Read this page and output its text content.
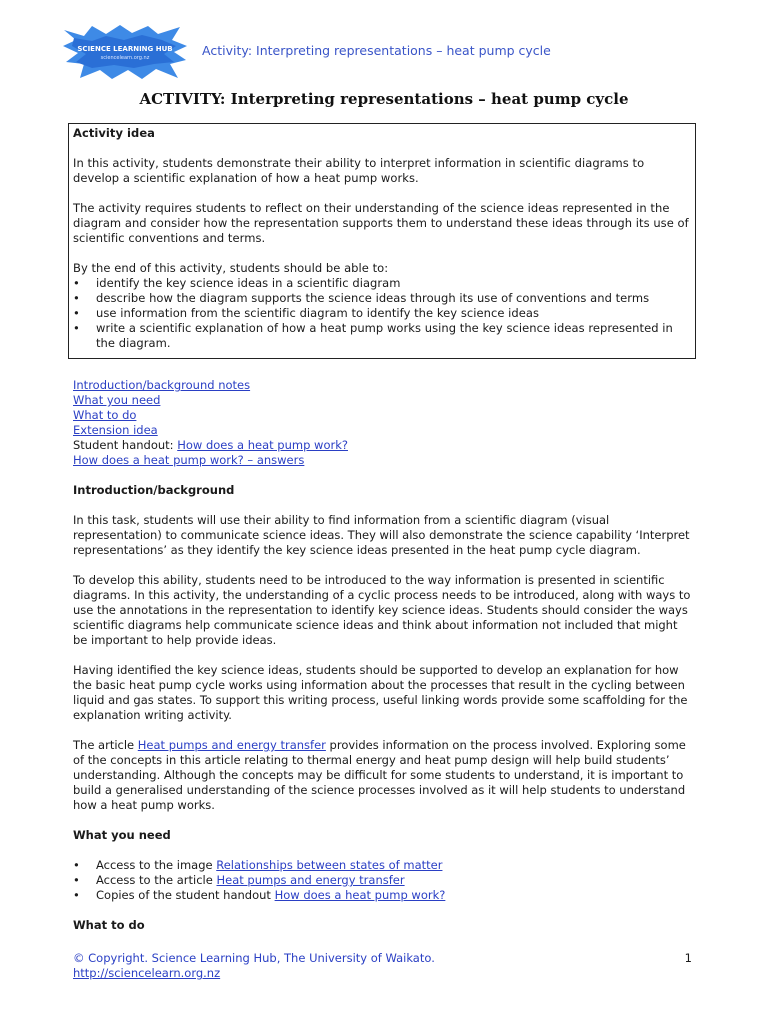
SCIENCE LEARNING HUB
sciencelearn.org.nz	Activity: Interpreting representations – heat pump cycle
ACTIVITY: Interpreting representations – heat pump cycle

Activity idea

In this activity, students demonstrate their ability to interpret information in scientific diagrams to develop a scientific explanation of how a heat pump works.

The activity requires students to reflect on their understanding of the science ideas represented in the diagram and consider how the representation supports them to understand these ideas through its use of scientific conventions and terms.

By the end of this activity, students should be able to:

• identify the key science ideas in a scientific diagram
• describe how the diagram supports the science ideas through its use of conventions and terms
• use information from the scientific diagram to identify the key science ideas
• write a scientific explanation of how a heat pump works using the key science ideas represented in the diagram.

Introduction/background notes

What you need

What to do

Extension idea

Student handout: How does a heat pump work?

How does a heat pump work? – answers

Introduction/background

In this task, students will use their ability to find information from a scientific diagram (visual representation) to communicate science ideas. They will also demonstrate the science capability ‘Interpret representations’ as they identify the key science ideas presented in the heat pump cycle diagram.

To develop this ability, students need to be introduced to the way information is presented in scientific diagrams. In this activity, the understanding of a cyclic process needs to be introduced, along with ways to use the annotations in the representation to identify key science ideas. Students should consider the ways scientific diagrams help communicate science ideas and think about information not included that might be important to help provide ideas.

Having identified the key science ideas, students should be supported to develop an explanation for how the basic heat pump cycle works using information about the processes that result in the cycling between liquid and gas states. To support this writing process, useful linking words provide some scaffolding for the explanation writing activity.

The article Heat pumps and energy transfer provides information on the process involved. Exploring some of the concepts in this article relating to thermal energy and heat pump design will help build students’ understanding. Although the concepts may be difficult for some students to understand, it is important to build a generalised understanding of the science processes involved as it will help students to understand how a heat pump works.

What you need

• Access to the image Relationships between states of matter
• Access to the article Heat pumps and energy transfer
• Copies of the student handout How does a heat pump work?

What to do

© Copyright. Science Learning Hub, The University of Waikato.

http://sciencelearn.org.nz

1
